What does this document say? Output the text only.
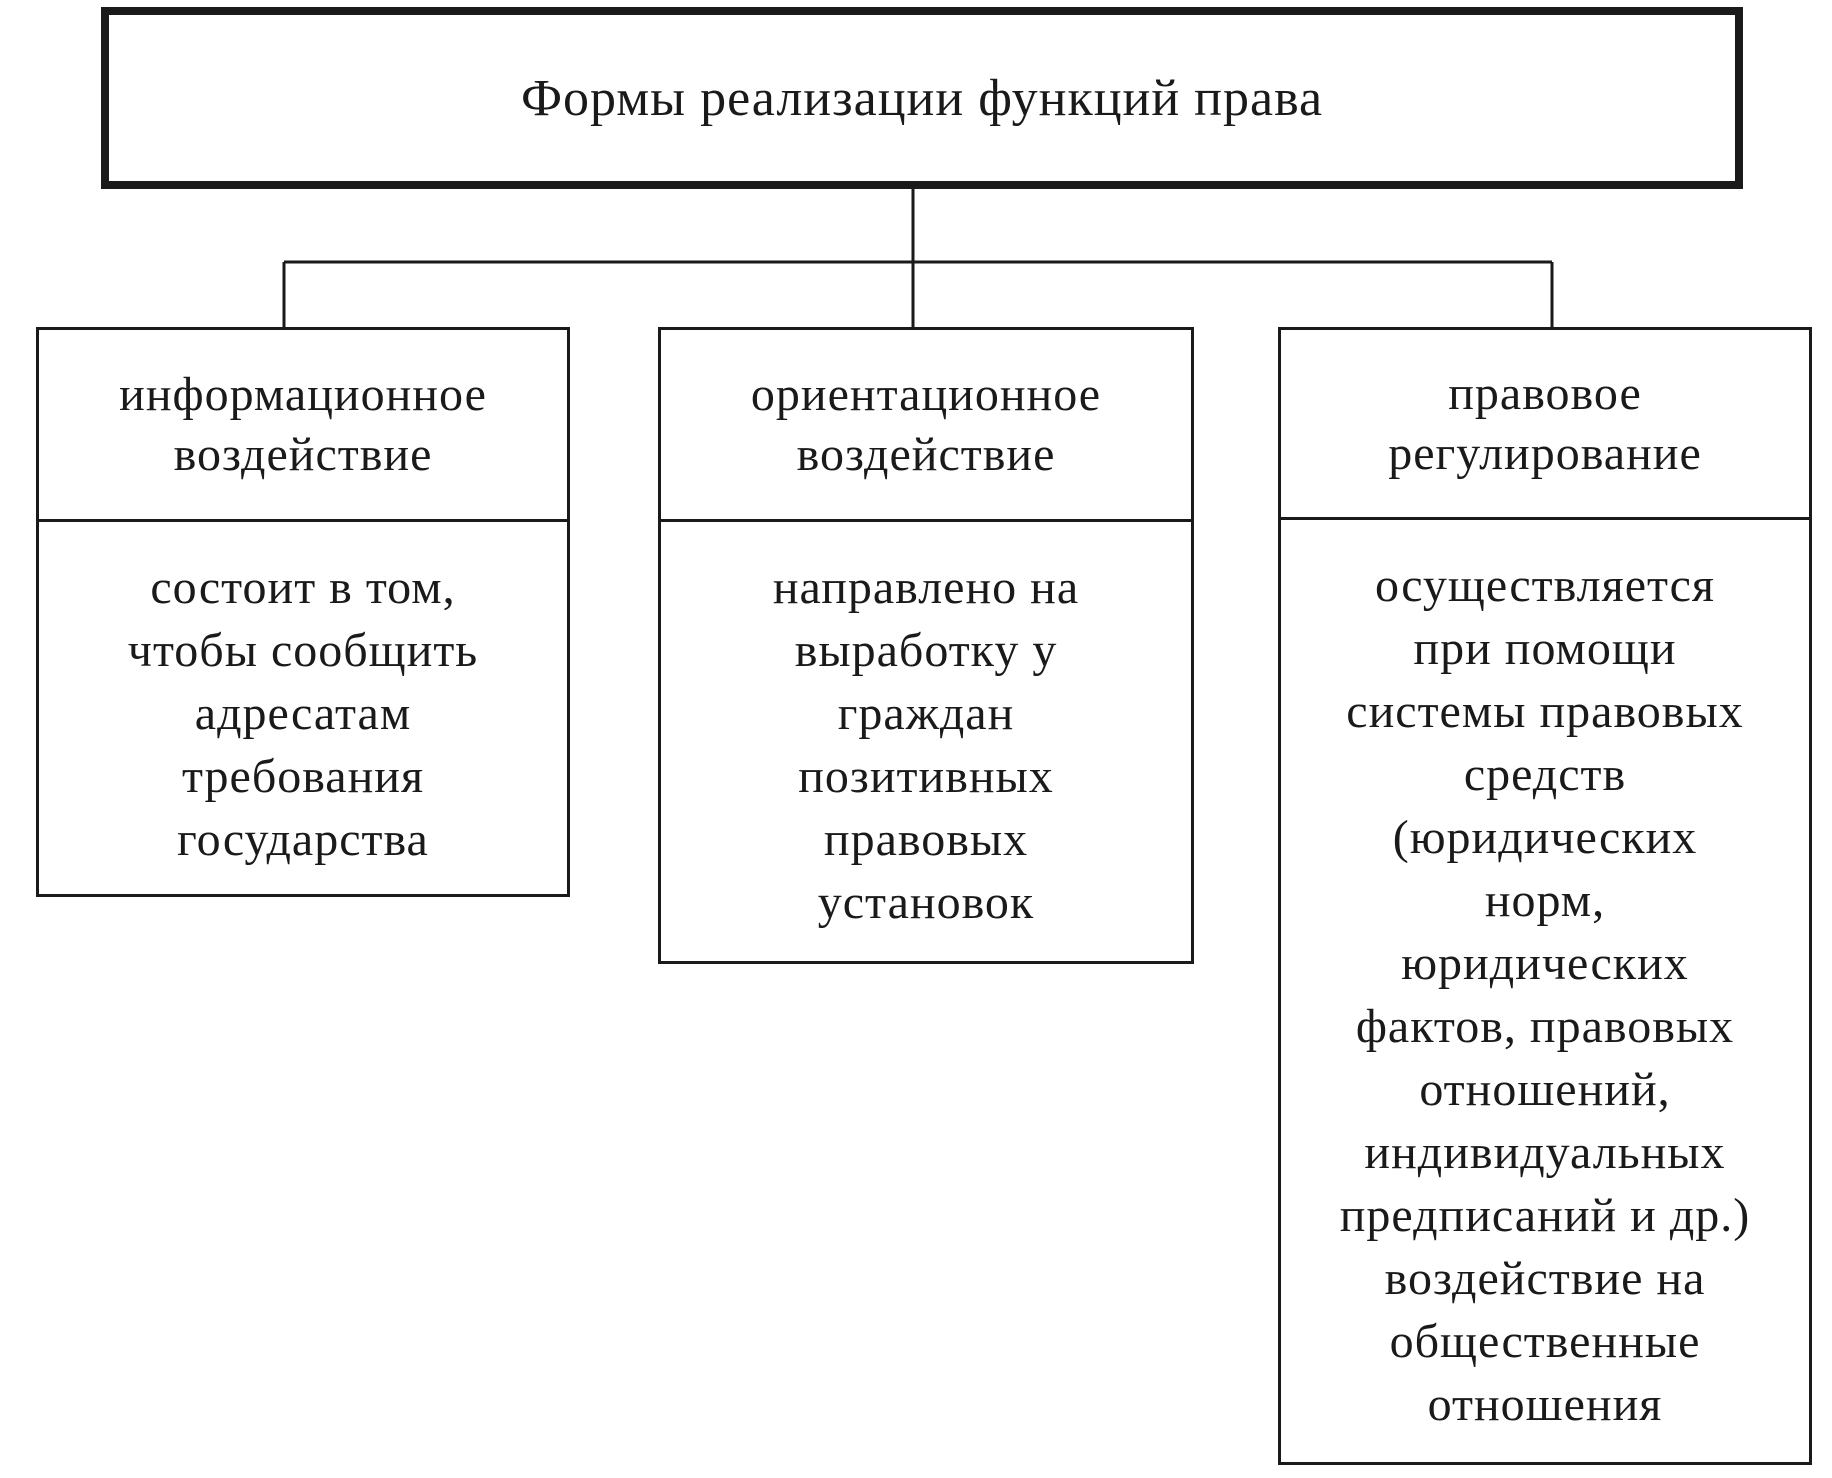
Формы реализации функций права
информационное
воздействие
состоит в том,
чтобы сообщить
адресатам
требования
государства
ориентационное
воздействие
направлено на
выработку у
граждан
позитивных
правовых
установок
правовое
регулирование
осуществляется
при помощи
системы правовых
средств
(юридических
норм,
юридических
фактов, правовых
отношений,
индивидуальных
предписаний и др.)
воздействие на
общественные
отношения
